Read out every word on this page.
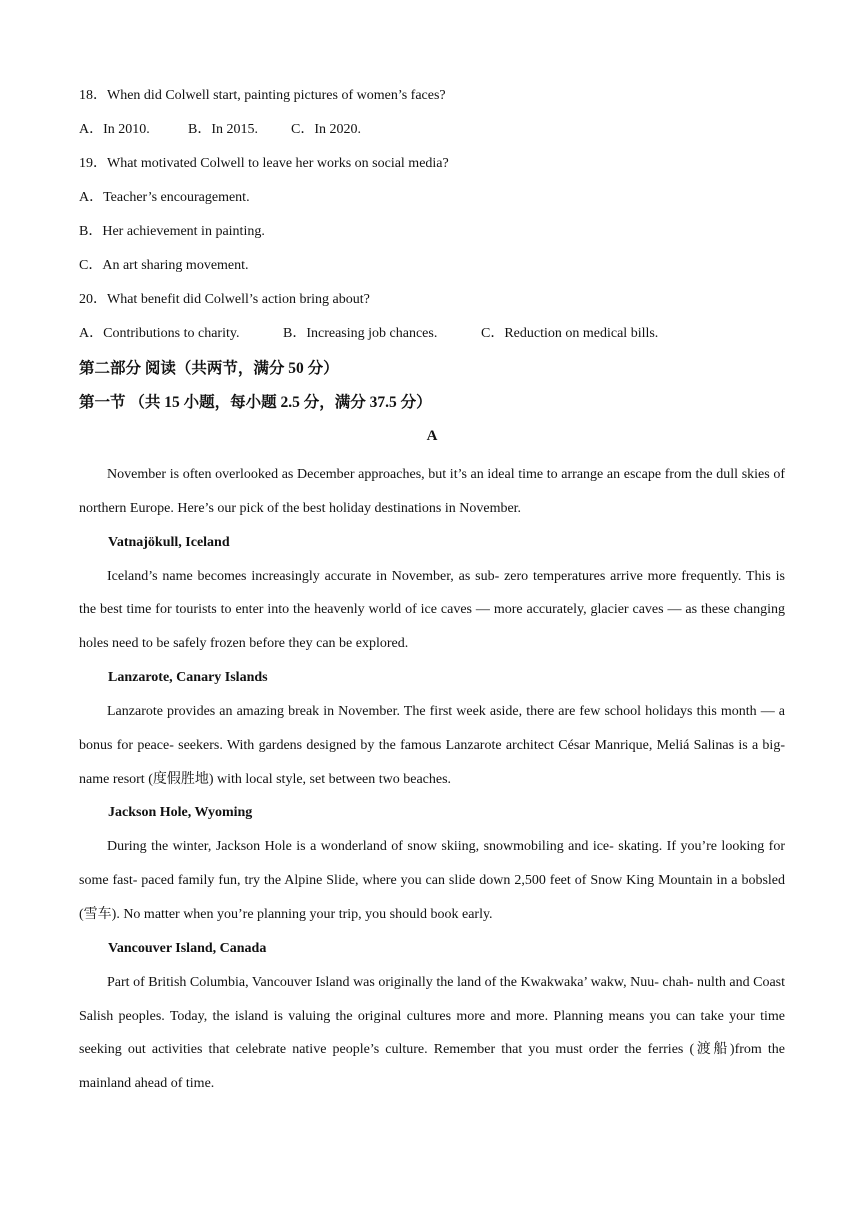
18．When did Colwell start, painting pictures of women’s faces?
A．In 2010.	B．In 2015. C．In 2020.
19．What motivated Colwell to leave her works on social media?
A．Teacher’s encouragement.
B．Her achievement in painting.
C．An art sharing movement.
20．What benefit did Colwell’s action bring about?
A．Contributions to charity.	B．Increasing job chances.	C．Reduction on medical bills.
第二部分 阅读（共两节，满分 50 分）
第一节 （共 15 小题，每小题 2.5 分，满分 37.5 分）
A

November is often overlooked as December approaches, but it’s an ideal time to arrange an escape from the dull skies of northern Europe. Here’s our pick of the best holiday destinations in November.

Vatnajökull, Iceland

Iceland’s name becomes increasingly accurate in November, as sub- zero temperatures arrive more frequently. This is the best time for tourists to enter into the heavenly world of ice caves — more accurately, glacier caves — as these changing holes need to be safely frozen before they can be explored.

Lanzarote, Canary Islands

Lanzarote provides an amazing break in November. The first week aside, there are few school holidays this month — a bonus for peace- seekers. With gardens designed by the famous Lanzarote architect César Manrique, Meliá Salinas is a big- name resort (度假胜地) with local style, set between two beaches.

Jackson Hole, Wyoming

During the winter, Jackson Hole is a wonderland of snow skiing, snowmobiling and ice- skating. If you’re looking for some fast- paced family fun, try the Alpine Slide, where you can slide down 2,500 feet of Snow King Mountain in a bobsled (雪车). No matter when you’re planning your trip, you should book early.

Vancouver Island, Canada

Part of British Columbia, Vancouver Island was originally the land of the Kwakwaka’ wakw, Nuu- chah- nulth and Coast Salish peoples. Today, the island is valuing the original cultures more and more. Planning means you can take your time seeking out activities that celebrate native people’s culture. Remember that you must order the ferries (渡船)from the mainland ahead of time.
